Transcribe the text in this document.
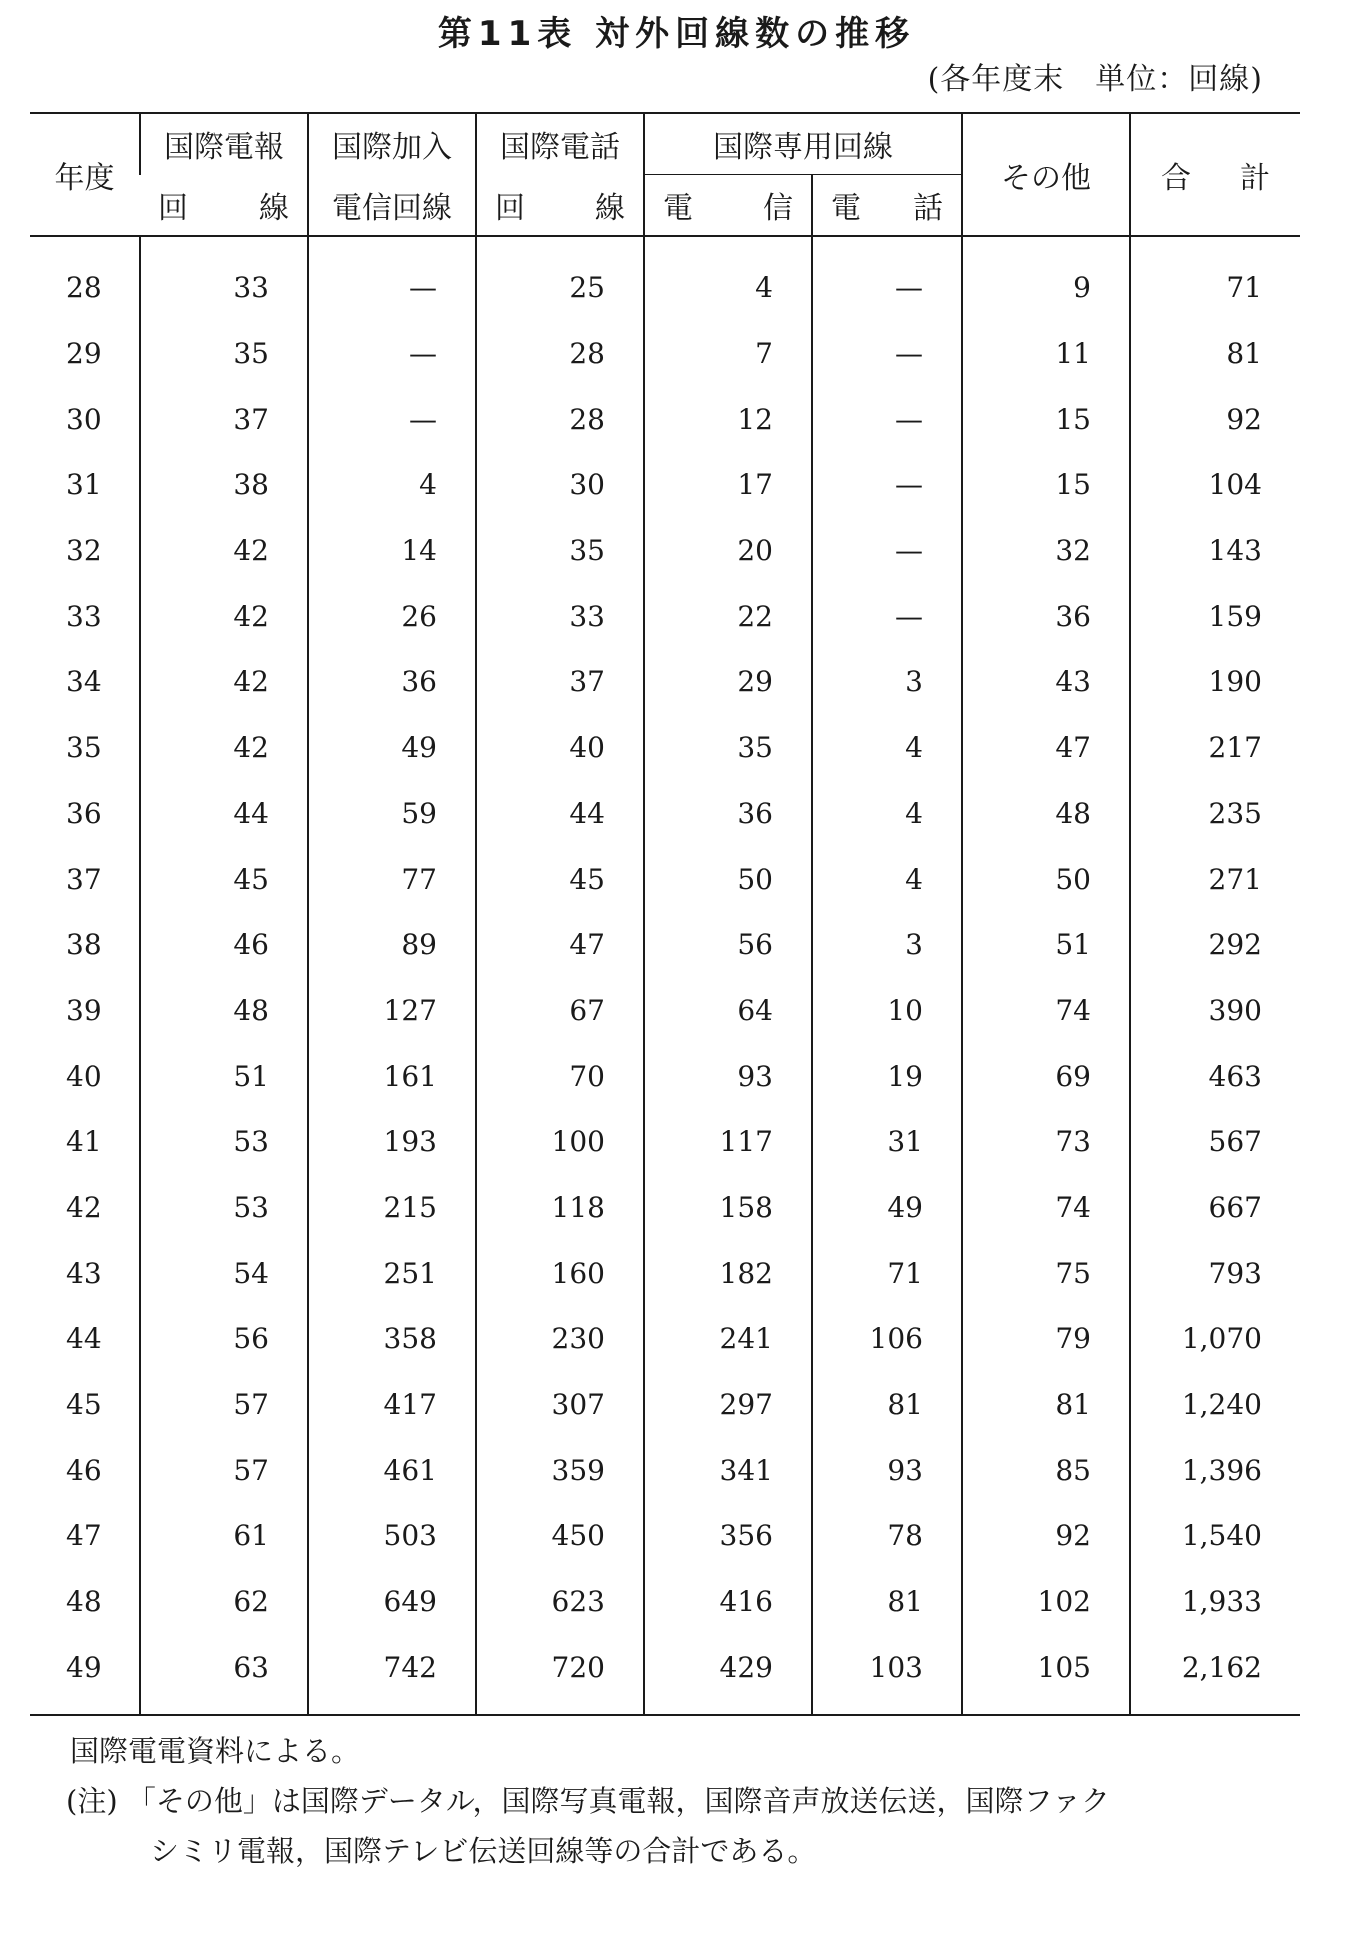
第11表 対外回線数の推移
(各年度末　単位：回線)
年度	国際電報	国際加入	国際電話	国際専用回線		その他	合　 計
	回　 線	電信回線	回　 線	電　 信	電　 話		
28	33	—	25	4	—	9	71
29	35	—	28	7	—	11	81
30	37	—	28	12	—	15	92
31	38	4	30	17	—	15	104
32	42	14	35	20	—	32	143
33	42	26	33	22	—	36	159
34	42	36	37	29	3	43	190
35	42	49	40	35	4	47	217
36	44	59	44	36	4	48	235
37	45	77	45	50	4	50	271
38	46	89	47	56	3	51	292
39	48	127	67	64	10	74	390
40	51	161	70	93	19	69	463
41	53	193	100	117	31	73	567
42	53	215	118	158	49	74	667
43	54	251	160	182	71	75	793
44	56	358	230	241	106	79	1,070
45	57	417	307	297	81	81	1,240
46	57	461	359	341	93	85	1,396
47	61	503	450	356	78	92	1,540
48	62	649	623	416	81	102	1,933
49	63	742	720	429	103	105	2,162
国際電電資料による。
(注) 「その他」は国際データル，国際写真電報，国際音声放送伝送，国際ファク
シミリ電報，国際テレビ伝送回線等の合計である。
